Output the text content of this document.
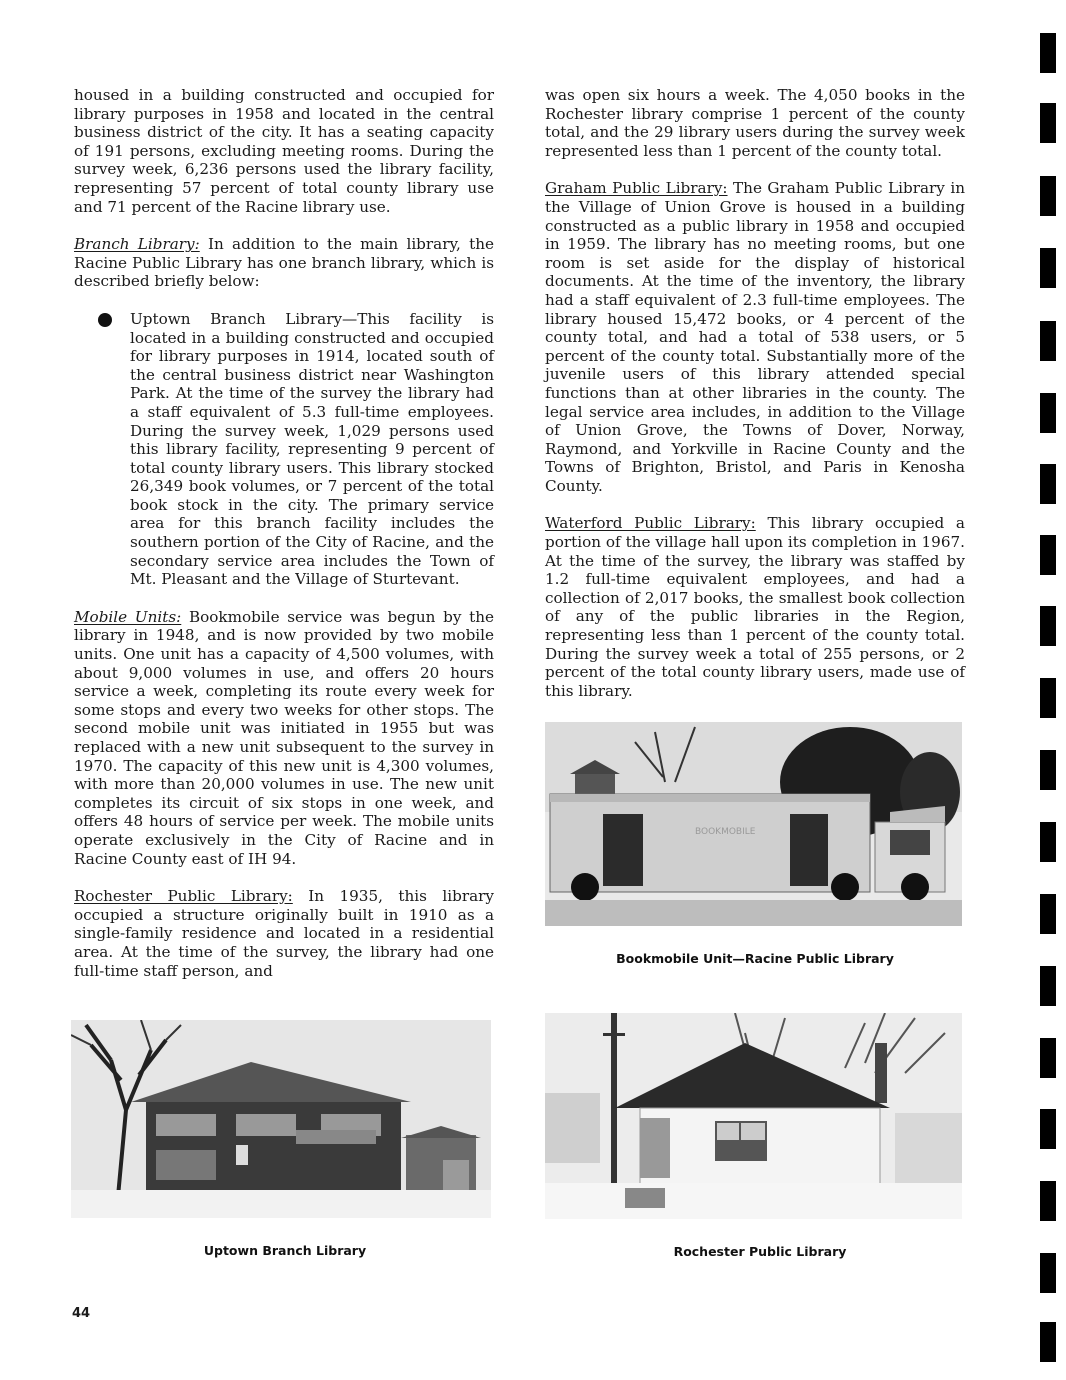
housed in a building constructed and occupied for library purposes in 1958 and located in the central business district of the city. It has a seating capacity of 191 persons, excluding meeting rooms. During the survey week, 6,236 persons used the library facility, representing 57 percent of total county library use and 71 percent of the Racine library use.

Branch Library: In addition to the main library, the Racine Public Library has one branch library, which is described briefly below:

Uptown Branch Library—This facility is located in a building constructed and occupied for library purposes in 1914, located south of the central business district near Washington Park. At the time of the survey the library had a staff equivalent of 5.3 full-time employees. During the survey week, 1,029 persons used this library facility, representing 9 percent of total county library users. This library stocked 26,349 book volumes, or 7 percent of the total book stock in the city. The primary service area for this branch facility includes the southern portion of the City of Racine, and the secondary service area includes the Town of Mt. Pleasant and the Village of Sturtevant.

Mobile Units: Bookmobile service was begun by the library in 1948, and is now provided by two mobile units. One unit has a capacity of 4,500 volumes, with about 9,000 volumes in use, and offers 20 hours service a week, completing its route every week for some stops and every two weeks for other stops. The second mobile unit was initiated in 1955 but was replaced with a new unit subsequent to the survey in 1970. The capacity of this new unit is 4,300 volumes, with more than 20,000 volumes in use. The new unit completes its circuit of six stops in one week, and offers 48 hours of service per week. The mobile units operate exclusively in the City of Racine and in Racine County east of IH 94.

Rochester Public Library: In 1935, this library occupied a structure originally built in 1910 as a single-family residence and located in a residential area. At the time of the survey, the library had one full-time staff person, and

was open six hours a week. The 4,050 books in the Rochester library comprise 1 percent of the county total, and the 29 library users during the survey week represented less than 1 percent of the county total.

Graham Public Library: The Graham Public Library in the Village of Union Grove is housed in a building constructed as a public library in 1958 and occupied in 1959. The library has no meeting rooms, but one room is set aside for the display of historical documents. At the time of the inventory, the library had a staff equivalent of 2.3 full-time employees. The library housed 15,472 books, or 4 percent of the county total, and had a total of 538 users, or 5 percent of the county total. Substantially more of the juvenile users of this library attended special functions than at other libraries in the county. The legal service area includes, in addition to the Village of Union Grove, the Towns of Dover, Norway, Raymond, and Yorkville in Racine County and the Towns of Brighton, Bristol, and Paris in Kenosha County.

Waterford Public Library: This library occupied a portion of the village hall upon its completion in 1967. At the time of the survey, the library was staffed by 1.2 full-time equivalent employees, and had a collection of 2,017 books, the smallest book collection of any of the public libraries in the Region, representing less than 1 percent of the county total. During the survey week a total of 255 persons, or 2 percent of the total county library users, made use of this library.

BOOKMOBILE
Bookmobile Unit—Racine Public Library
Uptown Branch Library	Rochester Public Library
44
